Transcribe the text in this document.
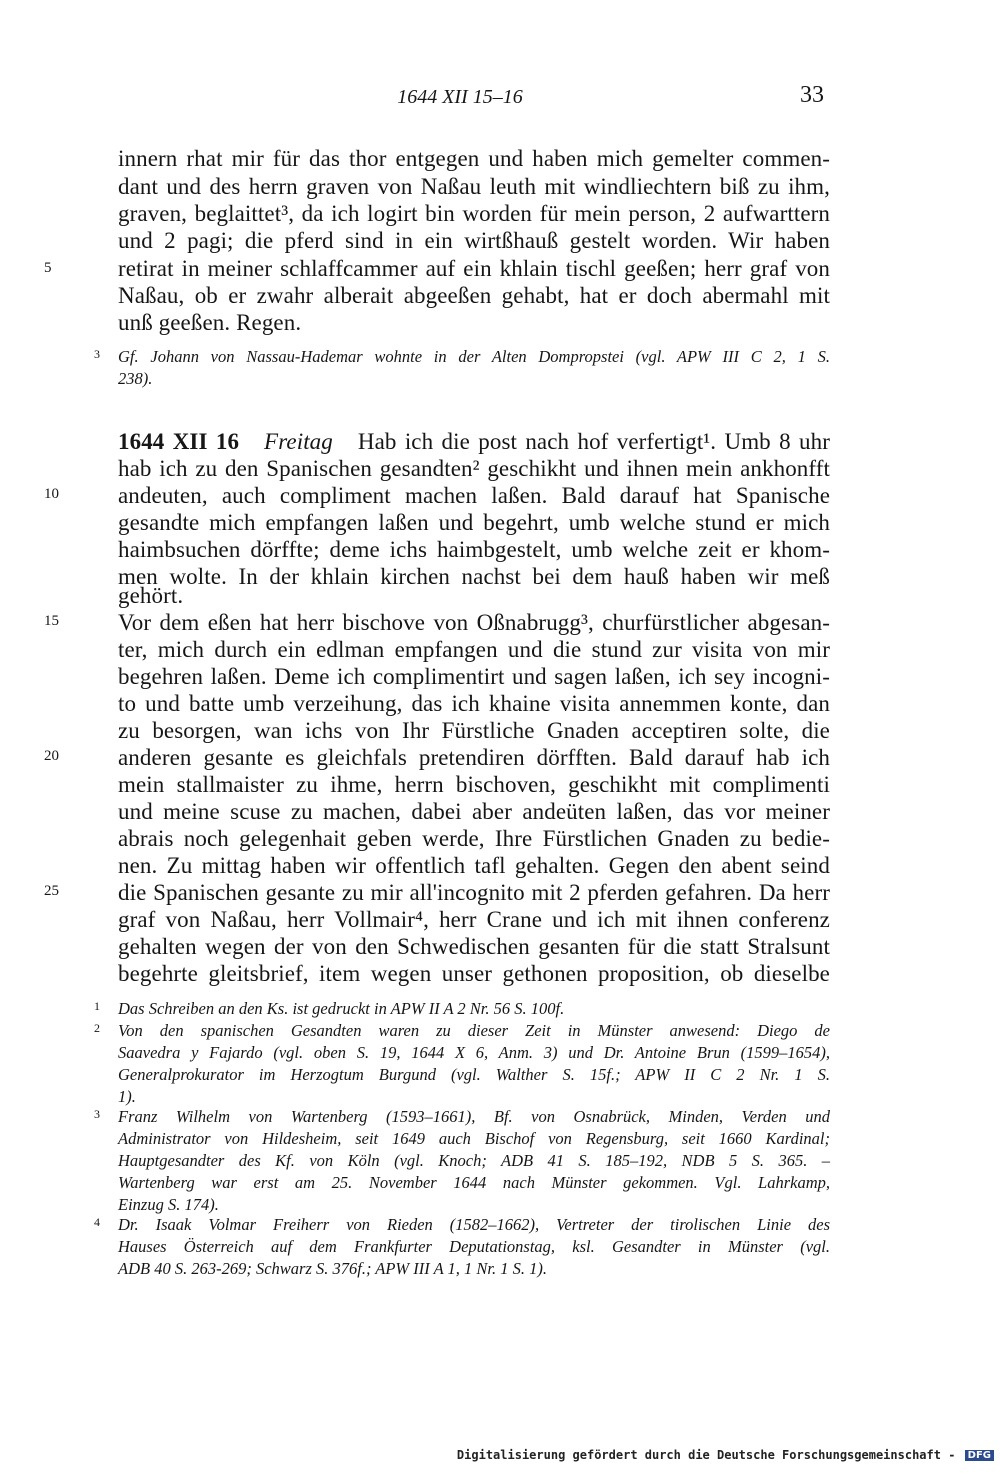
1644 XII 15–16	33
innern rhat mir für das thor entgegen und haben mich gemelter commen-
dant und des herrn graven von Naßau leuth mit windliechtern biß zu ihm,
graven, beglaittet³, da ich logirt bin worden für mein person, 2 aufwarttern
und 2 pagi; die pferd sind in ein wirtßhauß gestelt worden. Wir haben
retirat in meiner schlaffcammer auf ein khlain tischl geeßen; herr graf von
Naßau, ob er zwahr alberait abgeeßen gehabt, hat er doch abermahl mit
unß geeßen. Regen.
5
3 Gf. Johann von Nassau-Hademar wohnte in der Alten Dompropstei (vgl. APW III C 2, 1 S.
238).
1644 XII 16 Freitag Hab ich die post nach hof verfertigt¹. Umb 8 uhr
hab ich zu den Spanischen gesandten² geschikht und ihnen mein ankhonfft
andeuten, auch compliment machen laßen. Bald darauf hat Spanische
gesandte mich empfangen laßen und begehrt, umb welche stund er mich
haimbsuchen dörffte; deme ichs haimbgestelt, umb welche zeit er khom-
men wolte. In der khlain kirchen nachst bei dem hauß haben wir meß
gehört.
Vor dem eßen hat herr bischove von Oßnabrugg³, churfürstlicher abgesan-
ter, mich durch ein edlman empfangen und die stund zur visita von mir
begehren laßen. Deme ich complimentirt und sagen laßen, ich sey incogni-
to und batte umb verzeihung, das ich khaine visita annemmen konte, dan
zu besorgen, wan ichs von Ihr Fürstliche Gnaden acceptiren solte, die
anderen gesante es gleichfals pretendiren dörfften. Bald darauf hab ich
mein stallmaister zu ihme, herrn bischoven, geschikht mit complimenti
und meine scuse zu machen, dabei aber andeüten laßen, das vor meiner
abrais noch gelegenhait geben werde, Ihre Fürstlichen Gnaden zu bedie-
nen. Zu mittag haben wir offentlich tafl gehalten. Gegen den abent seind
die Spanischen gesante zu mir all'incognito mit 2 pferden gefahren. Da herr
graf von Naßau, herr Vollmair⁴, herr Crane und ich mit ihnen conferenz
gehalten wegen der von den Schwedischen gesanten für die statt Stralsunt
begehrte gleitsbrief, item wegen unser gethonen proposition, ob dieselbe
10
15
20
25
1 Das Schreiben an den Ks. ist gedruckt in APW II A 2 Nr. 56 S. 100f.
2 Von den spanischen Gesandten waren zu dieser Zeit in Münster anwesend: Diego de
Saavedra y Fajardo (vgl. oben S. 19, 1644 X 6, Anm. 3) und Dr. Antoine Brun (1599–1654),
Generalprokurator im Herzogtum Burgund (vgl. Walther S. 15f.; APW II C 2 Nr. 1 S.
1).
3 Franz Wilhelm von Wartenberg (1593–1661), Bf. von Osnabrück, Minden, Verden und
Administrator von Hildesheim, seit 1649 auch Bischof von Regensburg, seit 1660 Kardinal;
Hauptgesandter des Kf. von Köln (vgl. Knoch; ADB 41 S. 185–192, NDB 5 S. 365. –
Wartenberg war erst am 25. November 1644 nach Münster gekommen. Vgl. Lahrkamp,
Einzug S. 174).
4 Dr. Isaak Volmar Freiherr von Rieden (1582–1662), Vertreter der tirolischen Linie des
Hauses Österreich auf dem Frankfurter Deputationstag, ksl. Gesandter in Münster (vgl.
ADB 40 S. 263-269; Schwarz S. 376f.; APW III A 1, 1 Nr. 1 S. 1).
Digitalisierung gefördert durch die Deutsche Forschungsgemeinschaft - DFG
